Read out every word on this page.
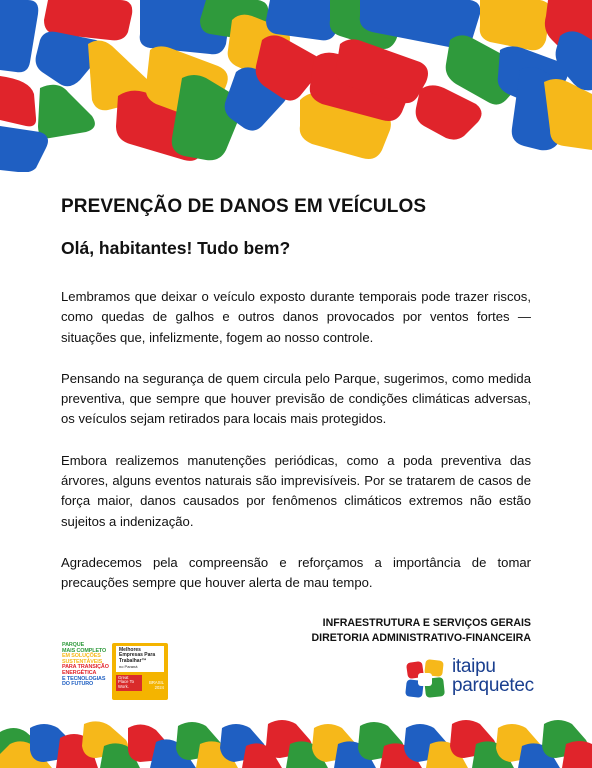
PREVENÇÃO DE DANOS EM VEÍCULOS
Olá, habitantes! Tudo bem?

Lembramos que deixar o veículo exposto durante temporais pode trazer riscos, como quedas de galhos e outros danos provocados por ventos fortes — situações que, infelizmente, fogem ao nosso controle.

Pensando na segurança de quem circula pelo Parque, sugerimos, como medida preventiva, que sempre que houver previsão de condições climáticas adversas, os veículos sejam retirados para locais mais protegidos.

Embora realizemos manutenções periódicas, como a poda preventiva das árvores, alguns eventos naturais são imprevisíveis. Por se tratarem de casos de força maior, danos causados por fenômenos climáticos extremos não estão sujeitos a indenização.

Agradecemos pela compreensão e reforçamos a importância de tomar precauções sempre que houver alerta de mau tempo.

INFRAESTRUTURA E SERVIÇOS GERAIS
DIRETORIA ADMINISTRATIVO-FINANCEIRA
PARQUE
MAIS COMPLETO
EM SOLUÇÕES
SUSTENTÁVEIS
PARA TRANSIÇÃO
ENERGÉTICA
E TECNOLOGIAS
DO FUTURO
Melhores Empresas Para Trabalhar™
no Paraná
Great Place To Work.
BRASIL
2024
itaipu
parquetec
